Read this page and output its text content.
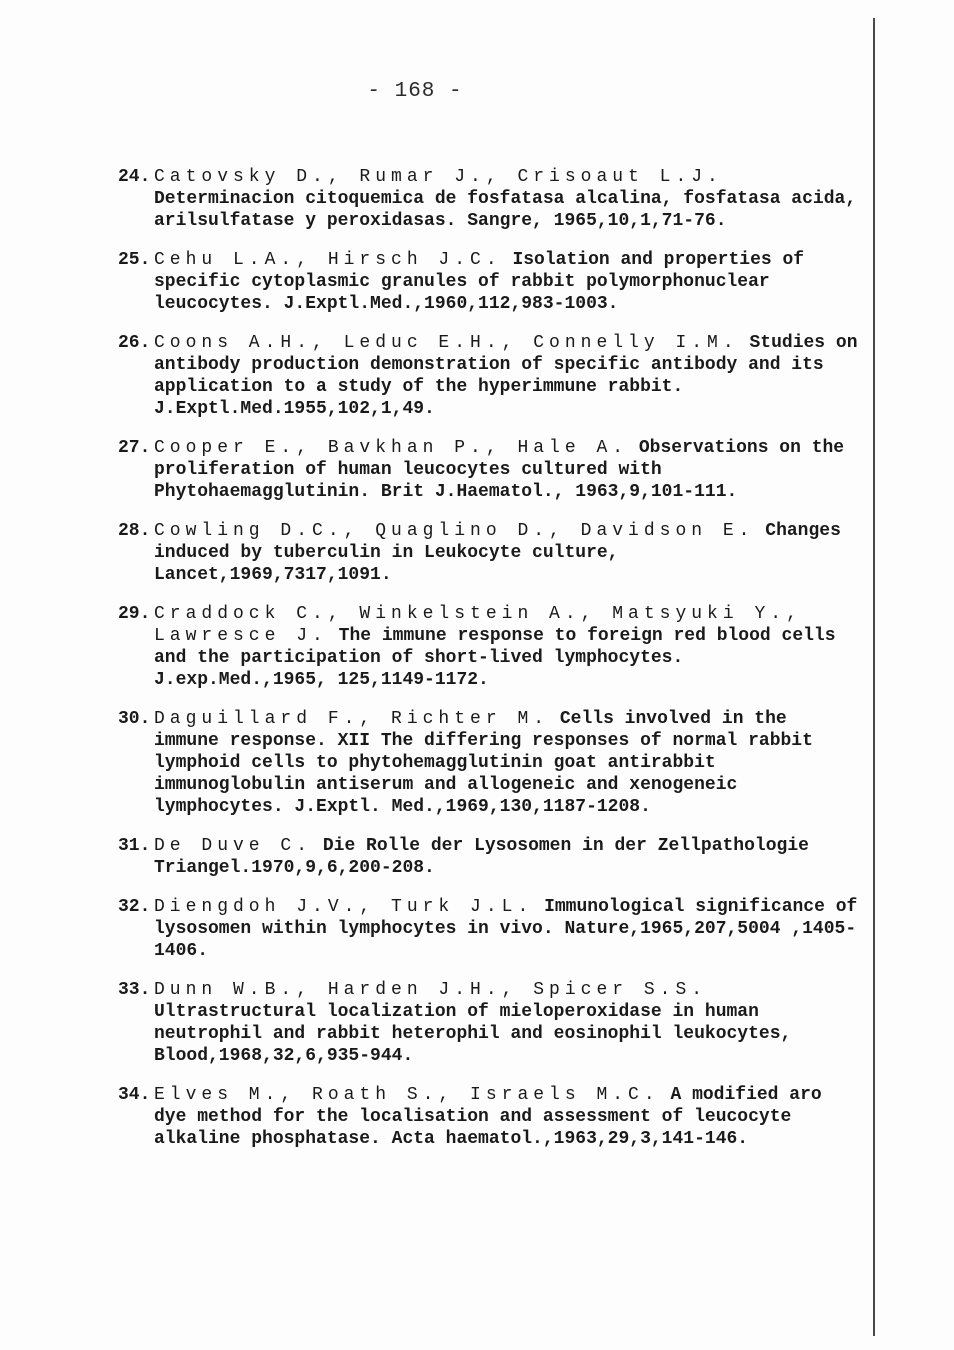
- 168 -
24. Catovsky D., Rumar J., Crisoaut L.J. Determinacion citoquemica de fosfatasa alcalina, fosfatasa acida, arilsulfatase y peroxidasas. Sangre, 1965,10,1,71-76.
25. Cehu L.A., Hirsch J.C. Isolation and properties of specific cytoplasmic granules of rabbit polymorphonuclear leucocytes. J.Exptl.Med.,1960,112,983-1003.
26. Coons A.H., Leduc E.H., Connelly I.M. Studies on antibody production demonstration of specific antibody and its application to a study of the hyperimmune rabbit. J.Exptl.Med.1955,102,1,49.
27. Cooper E., Bavkhan P., Hale A. Observations on the proliferation of human leucocytes cultured with Phytohaemagglutinin. Brit J.Haematol., 1963,9,101-111.
28. Cowling D.C., Quaglino D., Davidson E. Changes induced by tuberculin in Leukocyte culture, Lancet,1969,7317,1091.
29. Craddock C., Winkelstein A., Matsyuki Y., Lawresce J. The immune response to foreign red blood cells and the participation of short-lived lymphocytes. J.exp.Med.,1965, 125,1149-1172.
30. Daguillard F., Richter M. Cells involved in the immune response. XII The differing responses of normal rabbit lymphoid cells to phytohemagglutinin goat antirabbit immunoglobulin antiserum and allogeneic and xenogeneic lymphocytes. J.Exptl. Med.,1969,130,1187-1208.
31. De Duve C. Die Rolle der Lysosomen in der Zellpathologie Triangel.1970,9,6,200-208.
32. Diengdoh J.V., Turk J.L. Immunological significance of lysosomen within lymphocytes in vivo. Nature,1965,207,5004 ,1405-1406.
33. Dunn W.B., Harden J.H., Spicer S.S. Ultrastructural localization of mieloperoxidase in human neutrophil and rabbit heterophil and eosinophil leukocytes, Blood,1968,32,6,935-944.
34. Elves M., Roath S., Israels M.C. A modified aro dye method for the localisation and assessment of leucocyte alkaline phosphatase. Acta haematol.,1963,29,3,141-146.
